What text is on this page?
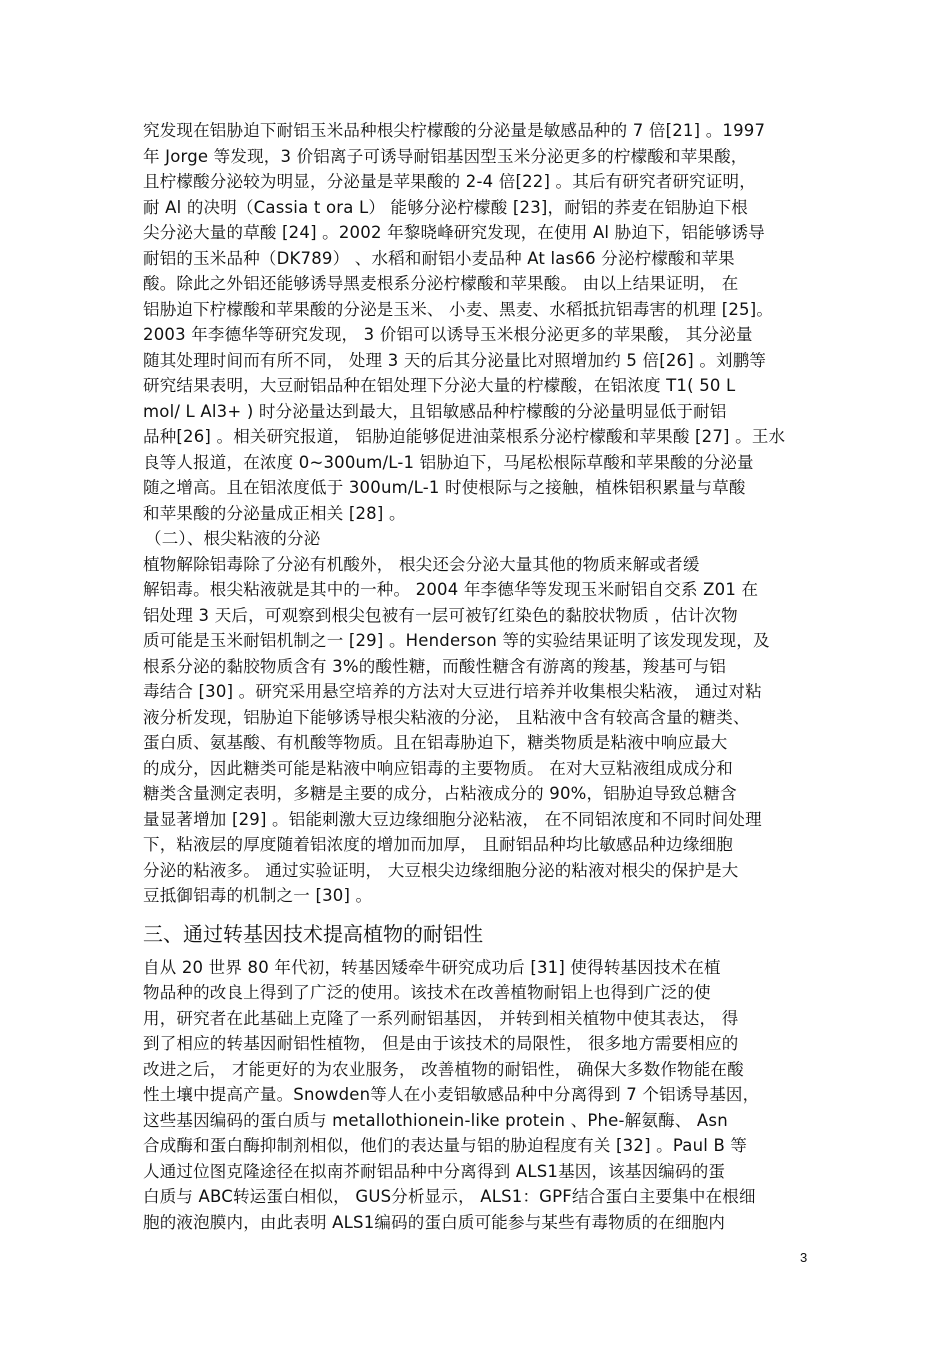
究发现在铝胁迫下耐铝玉米品种根尖柠檬酸的分泌量是敏感品种的 7 倍[21] 。1997
年 Jorge 等发现，3 价铝离子可诱导耐铝基因型玉米分泌更多的柠檬酸和苹果酸，
且柠檬酸分泌较为明显，分泌量是苹果酸的 2-4 倍[22] 。其后有研究者研究证明，
耐 Al 的决明（Cassia t ora L） 能够分泌柠檬酸 [23]，耐铝的荞麦在铝胁迫下根
尖分泌大量的草酸 [24] 。2002 年黎晓峰研究发现，在使用 Al 胁迫下，铝能够诱导
耐铝的玉米品种（DK789） 、水稻和耐铝小麦品种 At las66 分泌柠檬酸和苹果
酸。除此之外铝还能够诱导黑麦根系分泌柠檬酸和苹果酸。 由以上结果证明， 在
铝胁迫下柠檬酸和苹果酸的分泌是玉米、 小麦、黑麦、水稻抵抗铝毒害的机理 [25]。
2003 年李德华等研究发现， 3 价铝可以诱导玉米根分泌更多的苹果酸， 其分泌量
随其处理时间而有所不同， 处理 3 天的后其分泌量比对照增加约 5 倍[26] 。刘鹏等
研究结果表明，大豆耐铝品种在铝处理下分泌大量的柠檬酸，在铝浓度 T1( 50 L
mol/ L Al3+ ) 时分泌量达到最大，且铝敏感品种柠檬酸的分泌量明显低于耐铝
品种[26] 。相关研究报道， 铝胁迫能够促进油菜根系分泌柠檬酸和苹果酸 [27] 。王水
良等人报道，在浓度 0~300um/L-1 铝胁迫下，马尾松根际草酸和苹果酸的分泌量
随之增高。且在铝浓度低于 300um/L-1 时使根际与之接触，植株铝积累量与草酸
和苹果酸的分泌量成正相关 [28] 。
（二）、根尖粘液的分泌
植物解除铝毒除了分泌有机酸外， 根尖还会分泌大量其他的物质来解或者缓
解铝毒。根尖粘液就是其中的一种。 2004 年李德华等发现玉米耐铝自交系 Z01 在
铝处理 3 天后，可观察到根尖包被有一层可被钌红染色的黏胶状物质 ，估计次物
质可能是玉米耐铝机制之一 [29] 。Henderson 等的实验结果证明了该发现发现，及
根系分泌的黏胶物质含有 3%的酸性糖，而酸性糖含有游离的羧基，羧基可与铝
毒结合 [30] 。研究采用悬空培养的方法对大豆进行培养并收集根尖粘液， 通过对粘
液分析发现，铝胁迫下能够诱导根尖粘液的分泌， 且粘液中含有较高含量的糖类、
蛋白质、氨基酸、有机酸等物质。且在铝毒胁迫下，糖类物质是粘液中响应最大
的成分，因此糖类可能是粘液中响应铝毒的主要物质。 在对大豆粘液组成成分和
糖类含量测定表明，多糖是主要的成分，占粘液成分的 90%，铝胁迫导致总糖含
量显著增加 [29] 。铝能刺激大豆边缘细胞分泌粘液， 在不同铝浓度和不同时间处理
下，粘液层的厚度随着铝浓度的增加而加厚， 且耐铝品种均比敏感品种边缘细胞
分泌的粘液多。 通过实验证明， 大豆根尖边缘细胞分泌的粘液对根尖的保护是大
豆抵御铝毒的机制之一 [30] 。
三、通过转基因技术提高植物的耐铝性
自从 20 世界 80 年代初，转基因矮牵牛研究成功后 [31] 使得转基因技术在植
物品种的改良上得到了广泛的使用。该技术在改善植物耐铝上也得到广泛的使
用，研究者在此基础上克隆了一系列耐铝基因， 并转到相关植物中使其表达， 得
到了相应的转基因耐铝性植物， 但是由于该技术的局限性， 很多地方需要相应的
改进之后， 才能更好的为农业服务， 改善植物的耐铝性， 确保大多数作物能在酸
性土壤中提高产量。Snowden等人在小麦铝敏感品种中分离得到 7 个铝诱导基因，
这些基因编码的蛋白质与 metallothionein-like protein 、Phe-解氨酶、 Asn
合成酶和蛋白酶抑制剂相似，他们的表达量与铝的胁迫程度有关 [32] 。Paul B 等
人通过位图克隆途径在拟南芥耐铝品种中分离得到 ALS1基因，该基因编码的蛋
白质与 ABC转运蛋白相似， GUS分析显示， ALS1：GPF结合蛋白主要集中在根细
胞的液泡膜内，由此表明 ALS1编码的蛋白质可能参与某些有毒物质的在细胞内
3
